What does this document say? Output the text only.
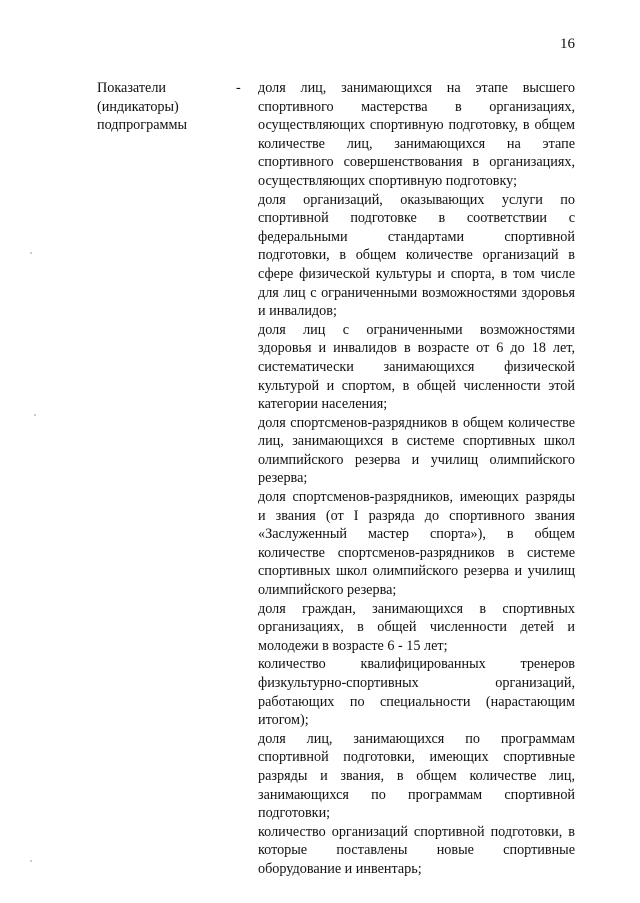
16
Показатели
(индикаторы)
подпрограммы
- доля лиц, занимающихся на этапе высшего спортивного мастерства в организациях, осуществляющих спортивную подготовку, в общем количестве лиц, занимающихся на этапе спортивного совершенствования в организациях, осуществляющих спортивную подготовку;
доля организаций, оказывающих услуги по спортивной подготовке в соответствии с федеральными стандартами спортивной подготовки, в общем количестве организаций в сфере физической культуры и спорта, в том числе для лиц с ограниченными возможностями здоровья и инвалидов;
доля лиц с ограниченными возможностями здоровья и инвалидов в возрасте от 6 до 18 лет, систематически занимающихся физической культурой и спортом, в общей численности этой категории населения;
доля спортсменов-разрядников в общем количестве лиц, занимающихся в системе спортивных школ олимпийского резерва и училищ олимпийского резерва;
доля спортсменов-разрядников, имеющих разряды и звания (от I разряда до спортивного звания «Заслуженный мастер спорта»), в общем количестве спортсменов-разрядников в системе спортивных школ олимпийского резерва и училищ олимпийского резерва;
доля граждан, занимающихся в спортивных организациях, в общей численности детей и молодежи в возрасте 6 - 15 лет;
количество квалифицированных тренеров физкультурно-спортивных организаций, работающих по специальности (нарастающим итогом);
доля лиц, занимающихся по программам спортивной подготовки, имеющих спортивные разряды и звания, в общем количестве лиц, занимающихся по программам спортивной подготовки;
количество организаций спортивной подготовки, в которые поставлены новые спортивные оборудование и инвентарь;
